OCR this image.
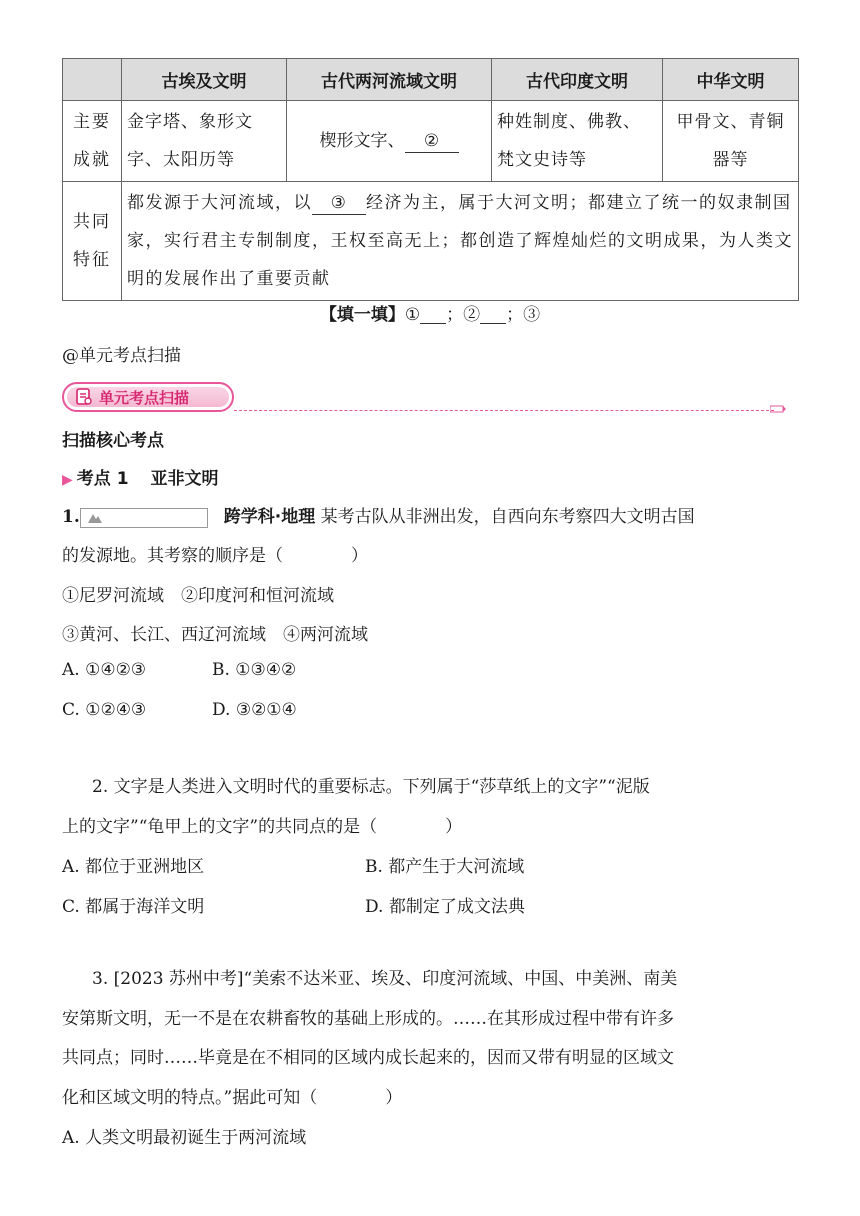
	古埃及文明	古代两河流域文明	古代印度文明	中华文明
主要成就	金字塔、象形文字、太阳历等	楔形文字、 ②	种姓制度、佛教、梵文史诗等	甲骨文、青铜器等
共同特征	都发源于大河流域，以 ③ 经济为主，属于大河文明；都建立了统一的奴隶制国家，实行君主专制制度，王权至高无上；都创造了辉煌灿烂的文明成果，为人类文明的发展作出了重要贡献			
【填一填】① ；② ；③
@单元考点扫描
单元考点扫描
扫描核心考点
▶ 考点 1 亚非文明
1.	跨学科·地理 某考古队从非洲出发，自西向东考察四大文明古国
的发源地。其考察的顺序是（　　　　）
①尼罗河流域　②印度河和恒河流域
③黄河、长江、西辽河流域　④两河流域
A. ①④②③	B. ①③④②
C. ①②④③	D. ③②①④
2. 文字是人类进入文明时代的重要标志。下列属于“莎草纸上的文字”“泥版
上的文字”“龟甲上的文字”的共同点的是（　　　　）
A. 都位于亚洲地区	B. 都产生于大河流域
C. 都属于海洋文明	D. 都制定了成文法典
3. [2023 苏州中考]“美索不达米亚、埃及、印度河流域、中国、中美洲、南美
安第斯文明，无一不是在农耕畜牧的基础上形成的。……在其形成过程中带有许多
共同点；同时……毕竟是在不相同的区域内成长起来的，因而又带有明显的区域文
化和区域文明的特点。”据此可知（　　　　）
A. 人类文明最初诞生于两河流域
